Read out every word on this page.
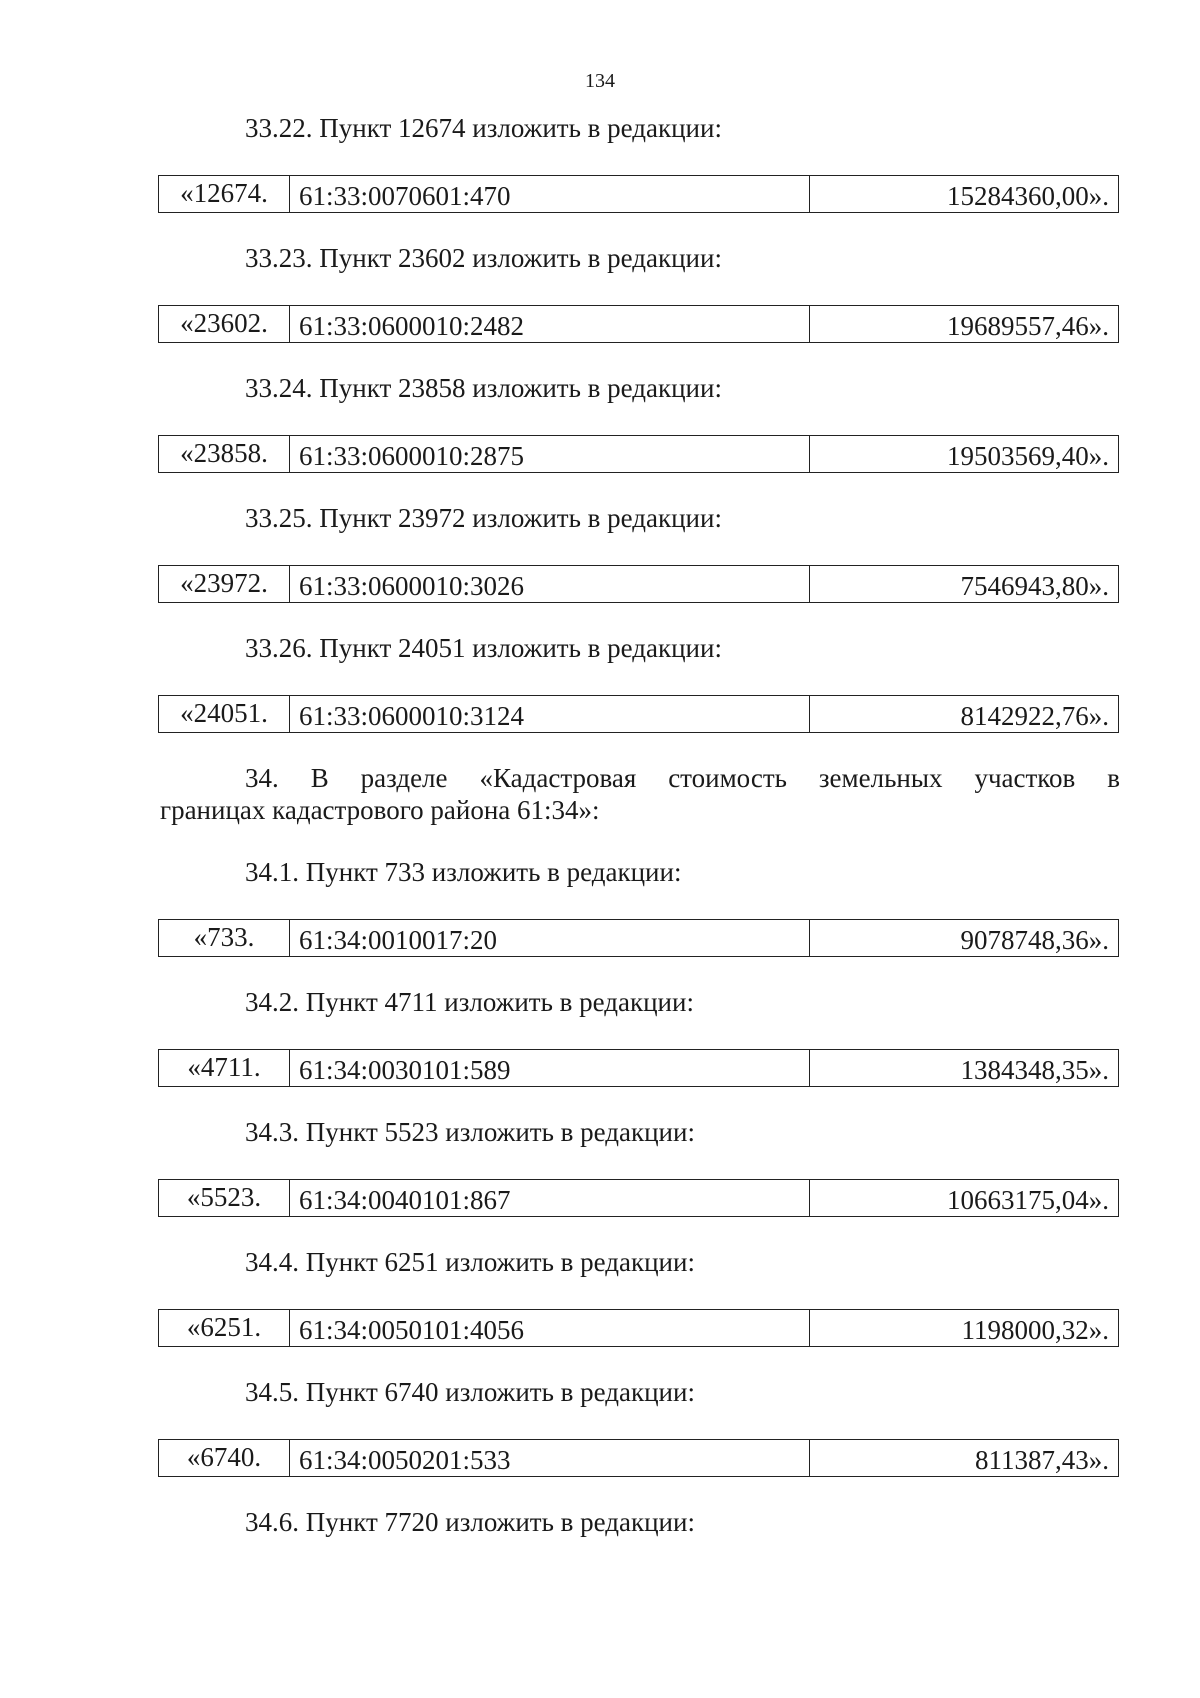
134

33.22. Пункт 12674 изложить в редакции:

«12674.	61:33:0070601:470	15284360,00».

33.23. Пункт 23602 изложить в редакции:

«23602.	61:33:0600010:2482	19689557,46».

33.24. Пункт 23858 изложить в редакции:

«23858.	61:33:0600010:2875	19503569,40».

33.25. Пункт 23972 изложить в редакции:

«23972.	61:33:0600010:3026	7546943,80».

33.26. Пункт 24051 изложить в редакции:

«24051.	61:33:0600010:3124	8142922,76».
34. В разделе «Кадастровая стоимость земельных участков в
границах кадастрового района 61:34»:

34.1. Пункт 733 изложить в редакции:

«733.	61:34:0010017:20	9078748,36».

34.2. Пункт 4711 изложить в редакции:

«4711.	61:34:0030101:589	1384348,35».

34.3. Пункт 5523 изложить в редакции:

«5523.	61:34:0040101:867	10663175,04».

34.4. Пункт 6251 изложить в редакции:

«6251.	61:34:0050101:4056	1198000,32».

34.5. Пункт 6740 изложить в редакции:

«6740.	61:34:0050201:533	811387,43».

34.6. Пункт 7720 изложить в редакции:
